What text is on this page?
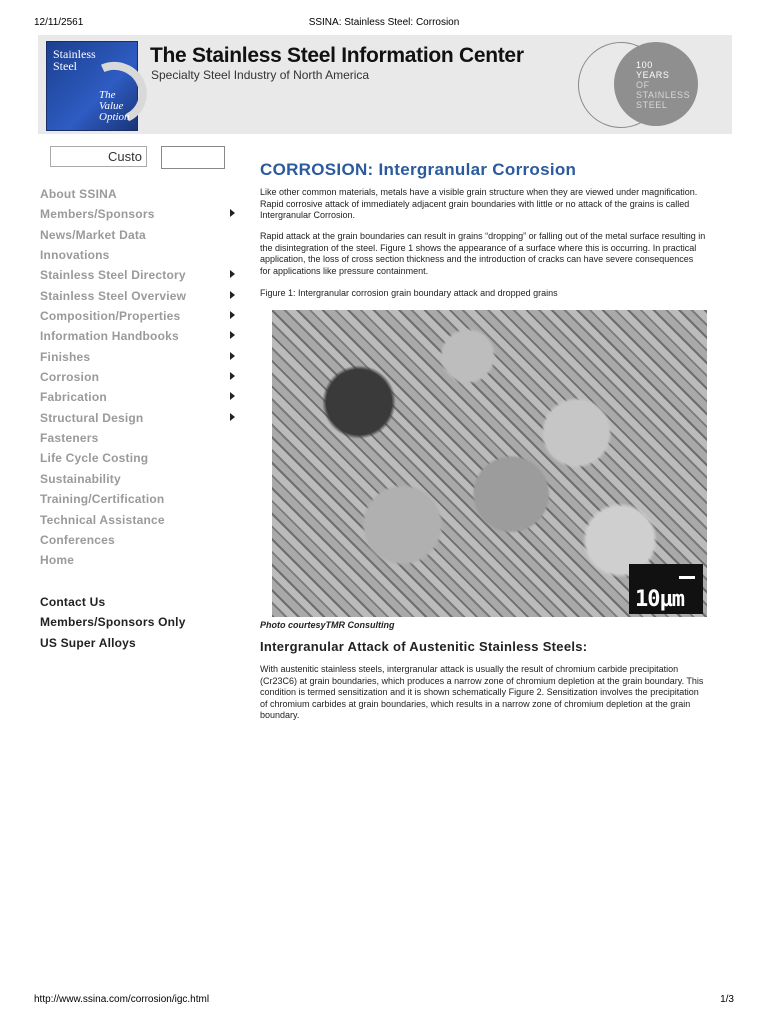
12/11/2561	SSINA: Stainless Steel: Corrosion
Stainless Steel
The Value Option
The Stainless Steel Information Center
Specialty Steel Industry of North America
100
YEARS
OF
STAINLESS
STEEL
Custo
About SSINA
Members/Sponsors
News/Market Data
Innovations
Stainless Steel Directory
Stainless Steel Overview
Composition/Properties
Information Handbooks
Finishes
Corrosion
Fabrication
Structural Design
Fasteners
Life Cycle Costing
Sustainability
Training/Certification
Technical Assistance
Conferences
Home
Contact Us
Members/Sponsors Only
US Super Alloys
CORROSION: Intergranular Corrosion

Like other common materials, metals have a visible grain structure when they are viewed under magnification. Rapid corrosive attack of immediately adjacent grain boundaries with little or no attack of the grains is called Intergranular Corrosion.

Rapid attack at the grain boundaries can result in grains “dropping” or falling out of the metal surface resulting in the disintegration of the steel. Figure 1 shows the appearance of a surface where this is occurring. In practical application, the loss of cross section thickness and the introduction of cracks can have severe consequences for applications like pressure containment.

Figure 1: Intergranular corrosion grain boundary attack and dropped grains
10µm
Photo courtesyTMR Consulting
Intergranular Attack of Austenitic Stainless Steels:

With austenitic stainless steels, intergranular attack is usually the result of chromium carbide precipitation (Cr23C6) at grain boundaries, which produces a narrow zone of chromium depletion at the grain boundary. This condition is termed sensitization and it is shown schematically Figure 2. Sensitization involves the precipitation of chromium carbides at grain boundaries, which results in a narrow zone of chromium depletion at the grain boundary.

http://www.ssina.com/corrosion/igc.html	1/3
